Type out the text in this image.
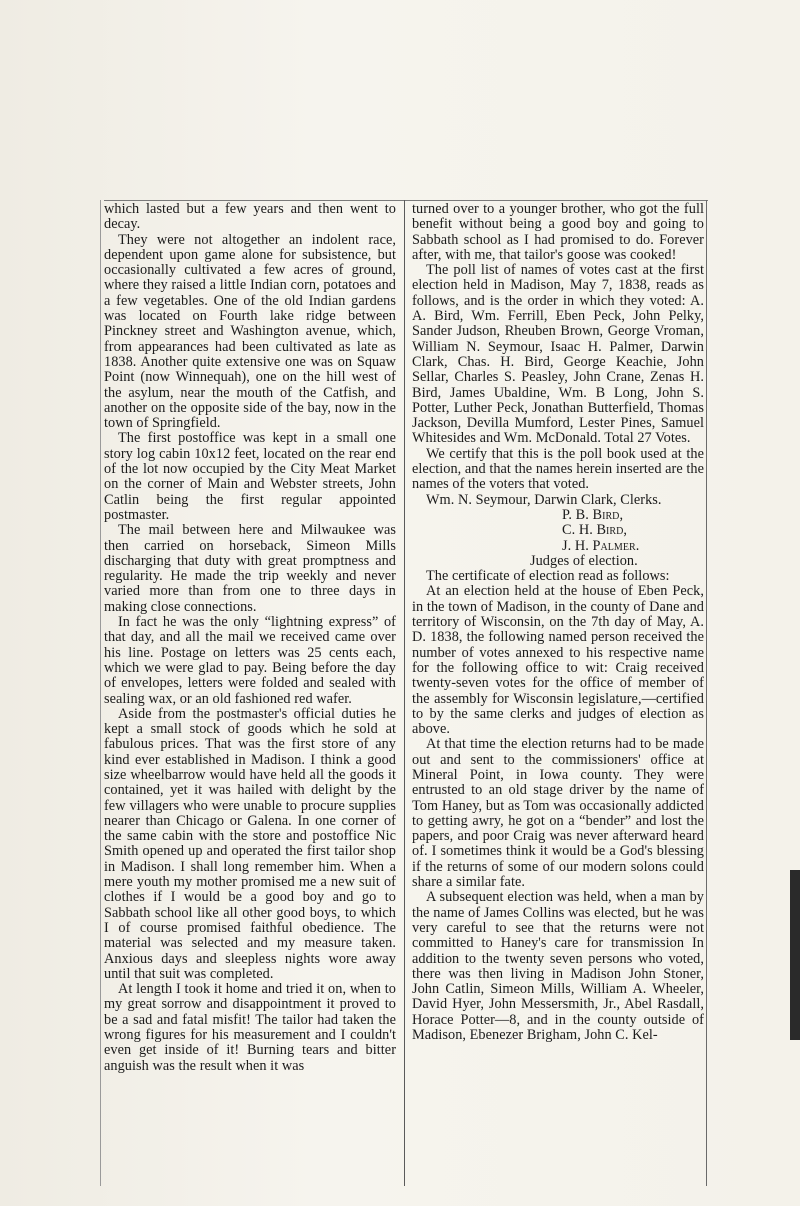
which lasted but a few years and then went to decay.

They were not altogether an indolent race, dependent upon game alone for subsistence, but occasionally cultivated a few acres of ground, where they raised a little Indian corn, potatoes and a few vegetables. One of the old Indian gardens was located on Fourth lake ridge between Pinckney street and Washington avenue, which, from appearances had been cultivated as late as 1838. Another quite extensive one was on Squaw Point (now Winnequah), one on the hill west of the asylum, near the mouth of the Catfish, and another on the opposite side of the bay, now in the town of Springfield.

The first postoffice was kept in a small one story log cabin 10x12 feet, located on the rear end of the lot now occupied by the City Meat Market on the corner of Main and Webster streets, John Catlin being the first regular appointed postmaster.

The mail between here and Milwaukee was then carried on horseback, Simeon Mills discharging that duty with great promptness and regularity. He made the trip weekly and never varied more than from one to three days in making close connections.

In fact he was the only “lightning express” of that day, and all the mail we received came over his line. Postage on letters was 25 cents each, which we were glad to pay. Being before the day of envelopes, letters were folded and sealed with sealing wax, or an old fashioned red wafer.

Aside from the postmaster's official duties he kept a small stock of goods which he sold at fabulous prices. That was the first store of any kind ever established in Madison. I think a good size wheelbarrow would have held all the goods it contained, yet it was hailed with delight by the few villagers who were unable to procure supplies nearer than Chicago or Galena. In one corner of the same cabin with the store and postoffice Nic Smith opened up and operated the first tailor shop in Madison. I shall long remember him. When a mere youth my mother promised me a new suit of clothes if I would be a good boy and go to Sabbath school like all other good boys, to which I of course promised faithful obedience. The material was selected and my measure taken. Anxious days and sleepless nights wore away until that suit was completed.

At length I took it home and tried it on, when to my great sorrow and disappointment it proved to be a sad and fatal misfit! The tailor had taken the wrong figures for his measurement and I couldn't even get inside of it! Burning tears and bitter anguish was the result when it was

turned over to a younger brother, who got the full benefit without being a good boy and going to Sabbath school as I had promised to do. Forever after, with me, that tailor's goose was cooked!

The poll list of names of votes cast at the first election held in Madison, May 7, 1838, reads as follows, and is the order in which they voted: A. A. Bird, Wm. Ferrill, Eben Peck, John Pelky, Sander Judson, Rheuben Brown, George Vroman, William N. Seymour, Isaac H. Palmer, Darwin Clark, Chas. H. Bird, George Keachie, John Sellar, Charles S. Peasley, John Crane, Zenas H. Bird, James Ubaldine, Wm. B Long, John S. Potter, Luther Peck, Jonathan Butterfield, Thomas Jackson, Devilla Mumford, Lester Pines, Samuel Whitesides and Wm. McDonald. Total 27 Votes.

We certify that this is the poll book used at the election, and that the names herein inserted are the names of the voters that voted.

Wm. N. Seymour, Darwin Clark, Clerks.

P. B. Bird,

C. H. Bird,

J. H. Palmer.

Judges of election.

The certificate of election read as follows:

At an election held at the house of Eben Peck, in the town of Madison, in the county of Dane and territory of Wisconsin, on the 7th day of May, A. D. 1838, the following named person received the number of votes annexed to his respective name for the following office to wit: Craig received twenty-seven votes for the office of member of the assembly for Wisconsin legislature,—certified to by the same clerks and judges of election as above.

At that time the election returns had to be made out and sent to the commissioners' office at Mineral Point, in Iowa county. They were entrusted to an old stage driver by the name of Tom Haney, but as Tom was occasionally addicted to getting awry, he got on a “bender” and lost the papers, and poor Craig was never afterward heard of. I sometimes think it would be a God's blessing if the returns of some of our modern solons could share a similar fate.

A subsequent election was held, when a man by the name of James Collins was elected, but he was very careful to see that the returns were not committed to Haney's care for transmission In addition to the twenty seven persons who voted, there was then living in Madison John Stoner, John Catlin, Simeon Mills, William A. Wheeler, David Hyer, John Messersmith, Jr., Abel Rasdall, Horace Potter—8, and in the county outside of Madison, Ebenezer Brigham, John C. Kel-
